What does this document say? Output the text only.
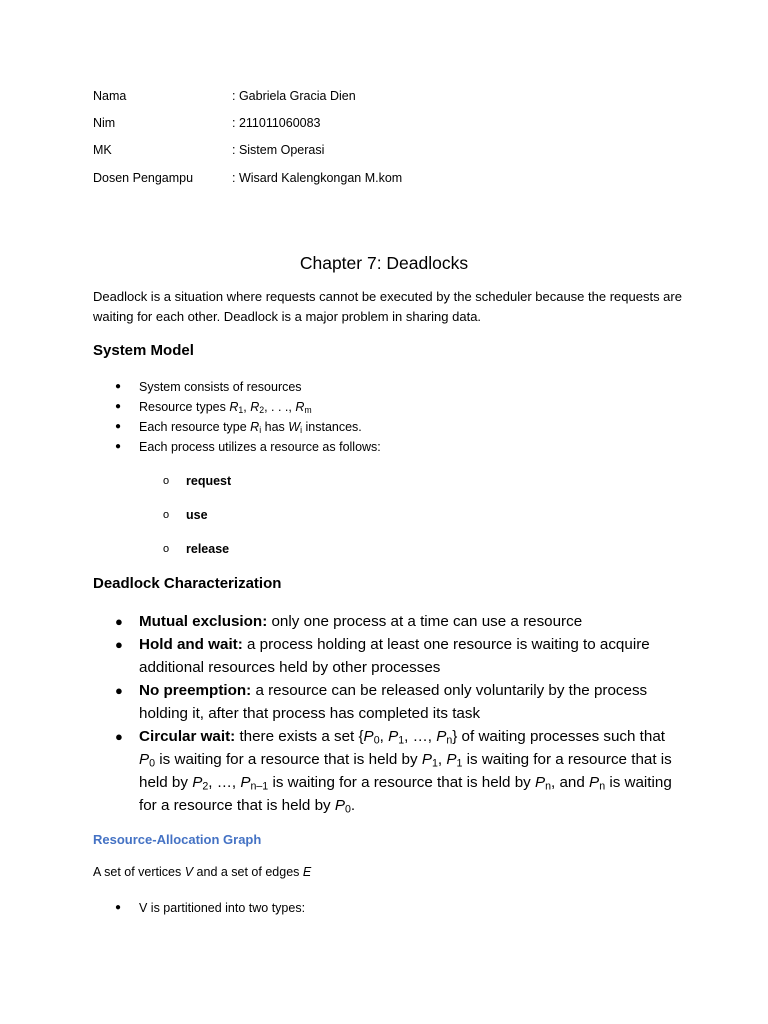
Nama	: Gabriela Gracia Dien
Nim	: 211011060083
MK	: Sistem Operasi
Dosen Pengampu	: Wisard Kalengkongan M.kom
Chapter 7: Deadlocks
Deadlock is a situation where requests cannot be executed by the scheduler because the requests are waiting for each other. Deadlock is a major problem in sharing data.
System Model
● System consists of resources
● Resource types $R_1$, $R_2$, . . ., $R_m$
● Each resource type $R_i$ has $W_i$ instances.
● Each process utilizes a resource as follows:
o request
o use
o release
Deadlock Characterization
● Mutual exclusion: only one process at a time can use a resource
● Hold and wait: a process holding at least one resource is waiting to acquire additional resources held by other processes
● No preemption: a resource can be released only voluntarily by the process holding it, after that process has completed its task
● Circular wait: there exists a set {$P_0$, $P_1$, …, $P_n$} of waiting processes such that $P_0$ is waiting for a resource that is held by $P_1$, $P_1$ is waiting for a resource that is held by $P_2$, …, $P_{n-1}$ is waiting for a resource that is held by $P_n$, and $P_n$ is waiting for a resource that is held by $P_0$.
Resource-Allocation Graph
A set of vertices V and a set of edges E
● V is partitioned into two types:
